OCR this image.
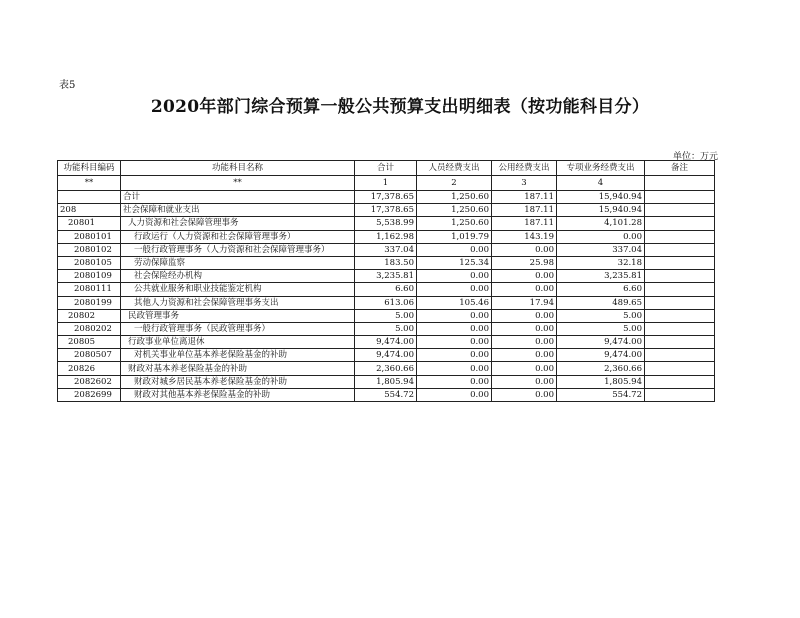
表5
2020年部门综合预算一般公共预算支出明细表（按功能科目分）
单位：万元
功能科目编码	功能科目名称	合计	人员经费支出	公用经费支出	专项业务经费支出	备注
**	**	1	2	3	4	
	合计	17,378.65	1,250.60	187.11	15,940.94	
208	社会保障和就业支出	17,378.65	1,250.60	187.11	15,940.94	
20801	人力资源和社会保障管理事务	5,538.99	1,250.60	187.11	4,101.28	
2080101	行政运行（人力资源和社会保障管理事务）	1,162.98	1,019.79	143.19	0.00	
2080102	一般行政管理事务（人力资源和社会保障管理事务）	337.04	0.00	0.00	337.04	
2080105	劳动保障监察	183.50	125.34	25.98	32.18	
2080109	社会保险经办机构	3,235.81	0.00	0.00	3,235.81	
2080111	公共就业服务和职业技能鉴定机构	6.60	0.00	0.00	6.60	
2080199	其他人力资源和社会保障管理事务支出	613.06	105.46	17.94	489.65	
20802	民政管理事务	5.00	0.00	0.00	5.00	
2080202	一般行政管理事务（民政管理事务）	5.00	0.00	0.00	5.00	
20805	行政事业单位离退休	9,474.00	0.00	0.00	9,474.00	
2080507	对机关事业单位基本养老保险基金的补助	9,474.00	0.00	0.00	9,474.00	
20826	财政对基本养老保险基金的补助	2,360.66	0.00	0.00	2,360.66	
2082602	财政对城乡居民基本养老保险基金的补助	1,805.94	0.00	0.00	1,805.94	
2082699	财政对其他基本养老保险基金的补助	554.72	0.00	0.00	554.72	
